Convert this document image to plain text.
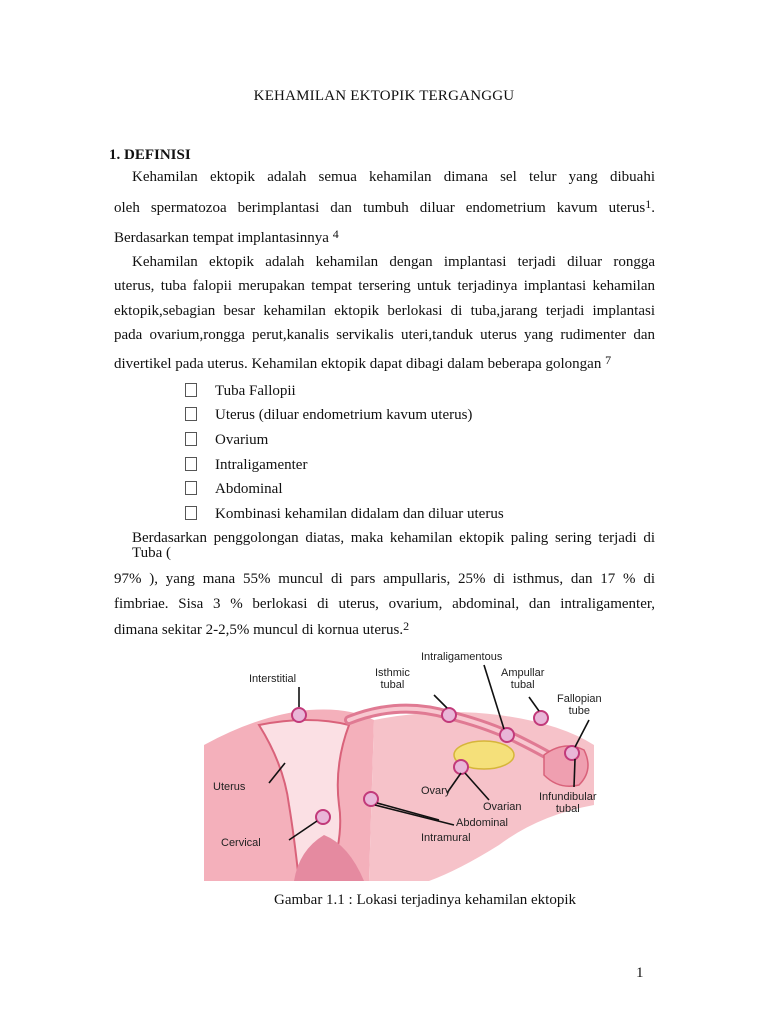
KEHAMILAN EKTOPIK TERGANGGU
1. DEFINISI
Kehamilan ektopik adalah semua kehamilan dimana sel telur yang dibuahi
oleh spermatozoa berimplantasi dan tumbuh diluar endometrium kavum uterus$^1$.
Berdasarkan tempat implantasinnya $^4$
Kehamilan ektopik adalah kehamilan dengan implantasi terjadi diluar rongga
uterus, tuba falopii merupakan tempat tersering untuk terjadinya implantasi kehamilan
ektopik,sebagian besar kehamilan ektopik berlokasi di tuba,jarang terjadi implantasi
pada ovarium,rongga perut,kanalis servikalis uteri,tanduk uterus yang rudimenter dan
divertikel pada uterus. Kehamilan ektopik dapat dibagi dalam beberapa golongan $^7$
Tuba Fallopii
Uterus (diluar endometrium kavum uterus)
Ovarium
Intraligamenter
Abdominal
Kombinasi kehamilan didalam dan diluar uterus
Berdasarkan penggolongan diatas, maka kehamilan ektopik paling sering terjadi di
Tuba (
97% ), yang mana 55% muncul di pars ampullaris, 25% di isthmus, dan 17 % di
fimbriae. Sisa 3 % berlokasi di uterus, ovarium, abdominal, dan intraligamenter,
dimana sekitar 2-2,5% muncul di kornua uterus.$^2$
Intraligamentous
Interstitial	Isthmic
tubal
Ampullar
tubal
Fallopian
tube
Uterus	Ovary
Ovarian
Infundibular
tubal
Abdominal
Intramural
Cervical
Gambar 1.1 : Lokasi terjadinya kehamilan ektopik
1
